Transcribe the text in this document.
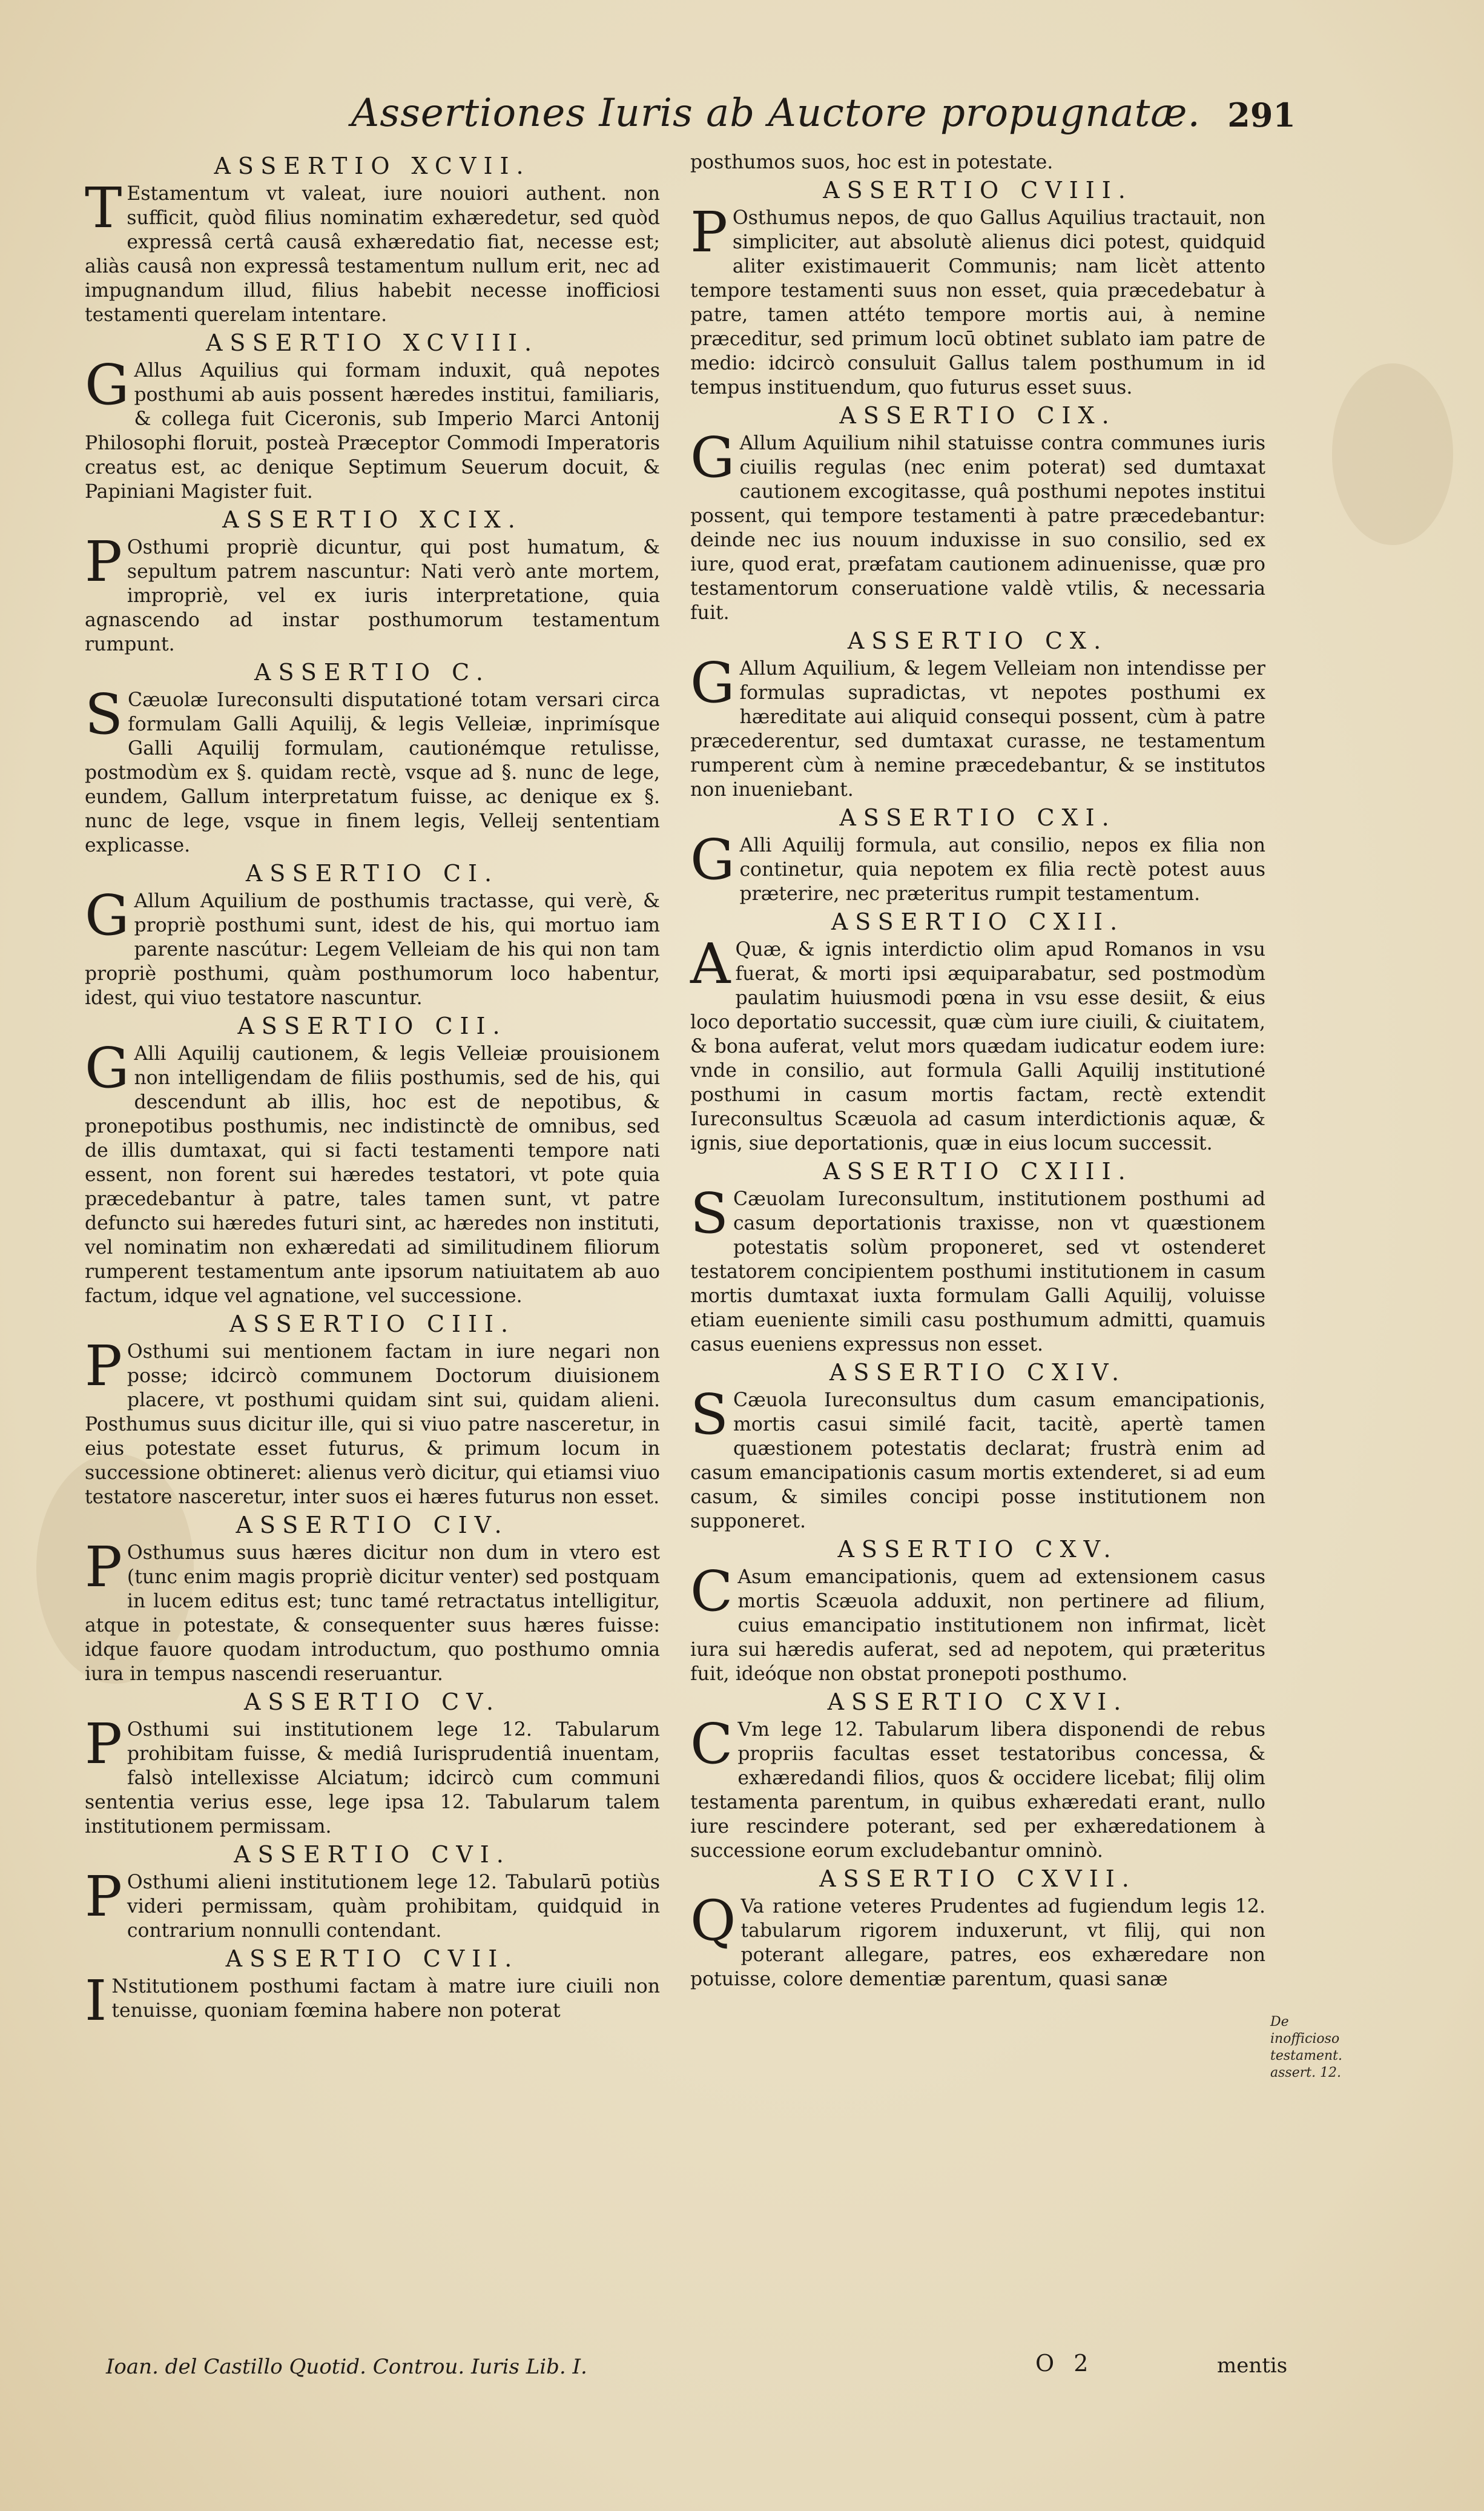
Assertiones Iuris ab Auctore propugnatæ. 291
ASSERTIO XCVII.

TEstamentum vt valeat, iure nouiori authent. non sufficit, quòd filius nominatim exhæredetur, sed quòd expressâ certâ causâ exhæredatio fiat, necesse est; aliàs causâ non expressâ testamentum nullum erit, nec ad impugnandum illud, filius habebit necesse inofficiosi testamenti querelam intentare.

ASSERTIO XCVIII.

GAllus Aquilius qui formam induxit, quâ nepotes posthumi ab auis possent hæredes institui, familiaris, & collega fuit Ciceronis, sub Imperio Marci Antonij Philosophi floruit, posteà Præceptor Commodi Imperatoris creatus est, ac denique Septimum Seuerum docuit, & Papiniani Magister fuit.

ASSERTIO XCIX.

POsthumi propriè dicuntur, qui post humatum, & sepultum patrem nascuntur: Nati verò ante mortem, impropriè, vel ex iuris interpretatione, quia agnascendo ad instar posthumorum testamentum rumpunt.

ASSERTIO C.

SCæuolæ Iureconsulti disputationé totam versari circa formulam Galli Aquilij, & legis Velleiæ, inprimísque Galli Aquilij formulam, cautionémque retulisse, postmodùm ex §. quidam rectè, vsque ad §. nunc de lege, eundem, Gallum interpretatum fuisse, ac denique ex §. nunc de lege, vsque in finem legis, Velleij sententiam explicasse.

ASSERTIO CI.

GAllum Aquilium de posthumis tractasse, qui verè, & propriè posthumi sunt, idest de his, qui mortuo iam parente nascútur: Legem Velleiam de his qui non tam propriè posthumi, quàm posthumorum loco habentur, idest, qui viuo testatore nascuntur.

ASSERTIO CII.

GAlli Aquilij cautionem, & legis Velleiæ prouisionem non intelligendam de filiis posthumis, sed de his, qui descendunt ab illis, hoc est de nepotibus, & pronepotibus posthumis, nec indistinctè de omnibus, sed de illis dumtaxat, qui si facti testamenti tempore nati essent, non forent sui hæredes testatori, vt pote quia præcedebantur à patre, tales tamen sunt, vt patre defuncto sui hæredes futuri sint, ac hæredes non instituti, vel nominatim non exhæredati ad similitudinem filiorum rumperent testamentum ante ipsorum natiuitatem ab auo factum, idque vel agnatione, vel successione.

ASSERTIO CIII.

POsthumi sui mentionem factam in iure negari non posse; idcircò communem Doctorum diuisionem placere, vt posthumi quidam sint sui, quidam alieni. Posthumus suus dicitur ille, qui si viuo patre nasceretur, in eius potestate esset futurus, & primum locum in successione obtineret: alienus verò dicitur, qui etiamsi viuo testatore nasceretur, inter suos ei hæres futurus non esset.

ASSERTIO CIV.

POsthumus suus hæres dicitur non dum in vtero est (tunc enim magis propriè dicitur venter) sed postquam in lucem editus est; tunc tamé retractatus intelligitur, atque in potestate, & consequenter suus hæres fuisse: idque fauore quodam introductum, quo posthumo omnia iura in tempus nascendi reseruantur.

ASSERTIO CV.

POsthumi sui institutionem lege 12. Tabularum prohibitam fuisse, & mediâ Iurisprudentiâ inuentam, falsò intellexisse Alciatum; idcircò cum communi sententia verius esse, lege ipsa 12. Tabularum talem institutionem permissam.

ASSERTIO CVI.

POsthumi alieni institutionem lege 12. Tabularū potiùs videri permissam, quàm prohibitam, quidquid in contrarium nonnulli contendant.

ASSERTIO CVII.

INstitutionem posthumi factam à matre iure ciuili non tenuisse, quoniam fœmina habere non poterat

posthumos suos, hoc est in potestate.

ASSERTIO CVIII.

POsthumus nepos, de quo Gallus Aquilius tractauit, non simpliciter, aut absolutè alienus dici potest, quidquid aliter existimauerit Communis; nam licèt attento tempore testamenti suus non esset, quia præcedebatur à patre, tamen attéto tempore mortis aui, à nemine præceditur, sed primum locū obtinet sublato iam patre de medio: idcircò consuluit Gallus talem posthumum in id tempus instituendum, quo futurus esset suus.

ASSERTIO CIX.

GAllum Aquilium nihil statuisse contra communes iuris ciuilis regulas (nec enim poterat) sed dumtaxat cautionem excogitasse, quâ posthumi nepotes institui possent, qui tempore testamenti à patre præcedebantur: deinde nec ius nouum induxisse in suo consilio, sed ex iure, quod erat, præfatam cautionem adinuenisse, quæ pro testamentorum conseruatione valdè vtilis, & necessaria fuit.

ASSERTIO CX.

GAllum Aquilium, & legem Velleiam non intendisse per formulas supradictas, vt nepotes posthumi ex hæreditate aui aliquid consequi possent, cùm à patre præcederentur, sed dumtaxat curasse, ne testamentum rumperent cùm à nemine præcedebantur, & se institutos non inueniebant.

ASSERTIO CXI.

GAlli Aquilij formula, aut consilio, nepos ex filia non continetur, quia nepotem ex filia rectè potest auus præterire, nec præteritus rumpit testamentum.

ASSERTIO CXII.

AQuæ, & ignis interdictio olim apud Romanos in vsu fuerat, & morti ipsi æquiparabatur, sed postmodùm paulatim huiusmodi pœna in vsu esse desiit, & eius loco deportatio successit, quæ cùm iure ciuili, & ciuitatem, & bona auferat, velut mors quædam iudicatur eodem iure: vnde in consilio, aut formula Galli Aquilij institutioné posthumi in casum mortis factam, rectè extendit Iureconsultus Scæuola ad casum interdictionis aquæ, & ignis, siue deportationis, quæ in eius locum successit.

ASSERTIO CXIII.

SCæuolam Iureconsultum, institutionem posthumi ad casum deportationis traxisse, non vt quæstionem potestatis solùm proponeret, sed vt ostenderet testatorem concipientem posthumi institutionem in casum mortis dumtaxat iuxta formulam Galli Aquilij, voluisse etiam eueniente simili casu posthumum admitti, quamuis casus eueniens expressus non esset.

ASSERTIO CXIV.

SCæuola Iureconsultus dum casum emancipationis, mortis casui similé facit, tacitè, apertè tamen quæstionem potestatis declarat; frustrà enim ad casum emancipationis casum mortis extenderet, si ad eum casum, & similes concipi posse institutionem non supponeret.

ASSERTIO CXV.

CAsum emancipationis, quem ad extensionem casus mortis Scæuola adduxit, non pertinere ad filium, cuius emancipatio institutionem non infirmat, licèt iura sui hæredis auferat, sed ad nepotem, qui præteritus fuit, ideóque non obstat pronepoti posthumo.

ASSERTIO CXVI.

CVm lege 12. Tabularum libera disponendi de rebus propriis facultas esset testatoribus concessa, & exhæredandi filios, quos & occidere licebat; filij olim testamenta parentum, in quibus exhæredati erant, nullo iure rescindere poterant, sed per exhæredationem à successione eorum excludebantur omninò.

ASSERTIO CXVII.

QVa ratione veteres Prudentes ad fugiendum legis 12. tabularum rigorem induxerunt, vt filij, qui non poterant allegare, patres, eos exhæredare non potuisse, colore dementiæ parentum, quasi sanæ

De inofficioso testament. assert. 12.
Ioan. del Castillo Quotid. Controu. Iuris Lib. I.	O 2	mentis
